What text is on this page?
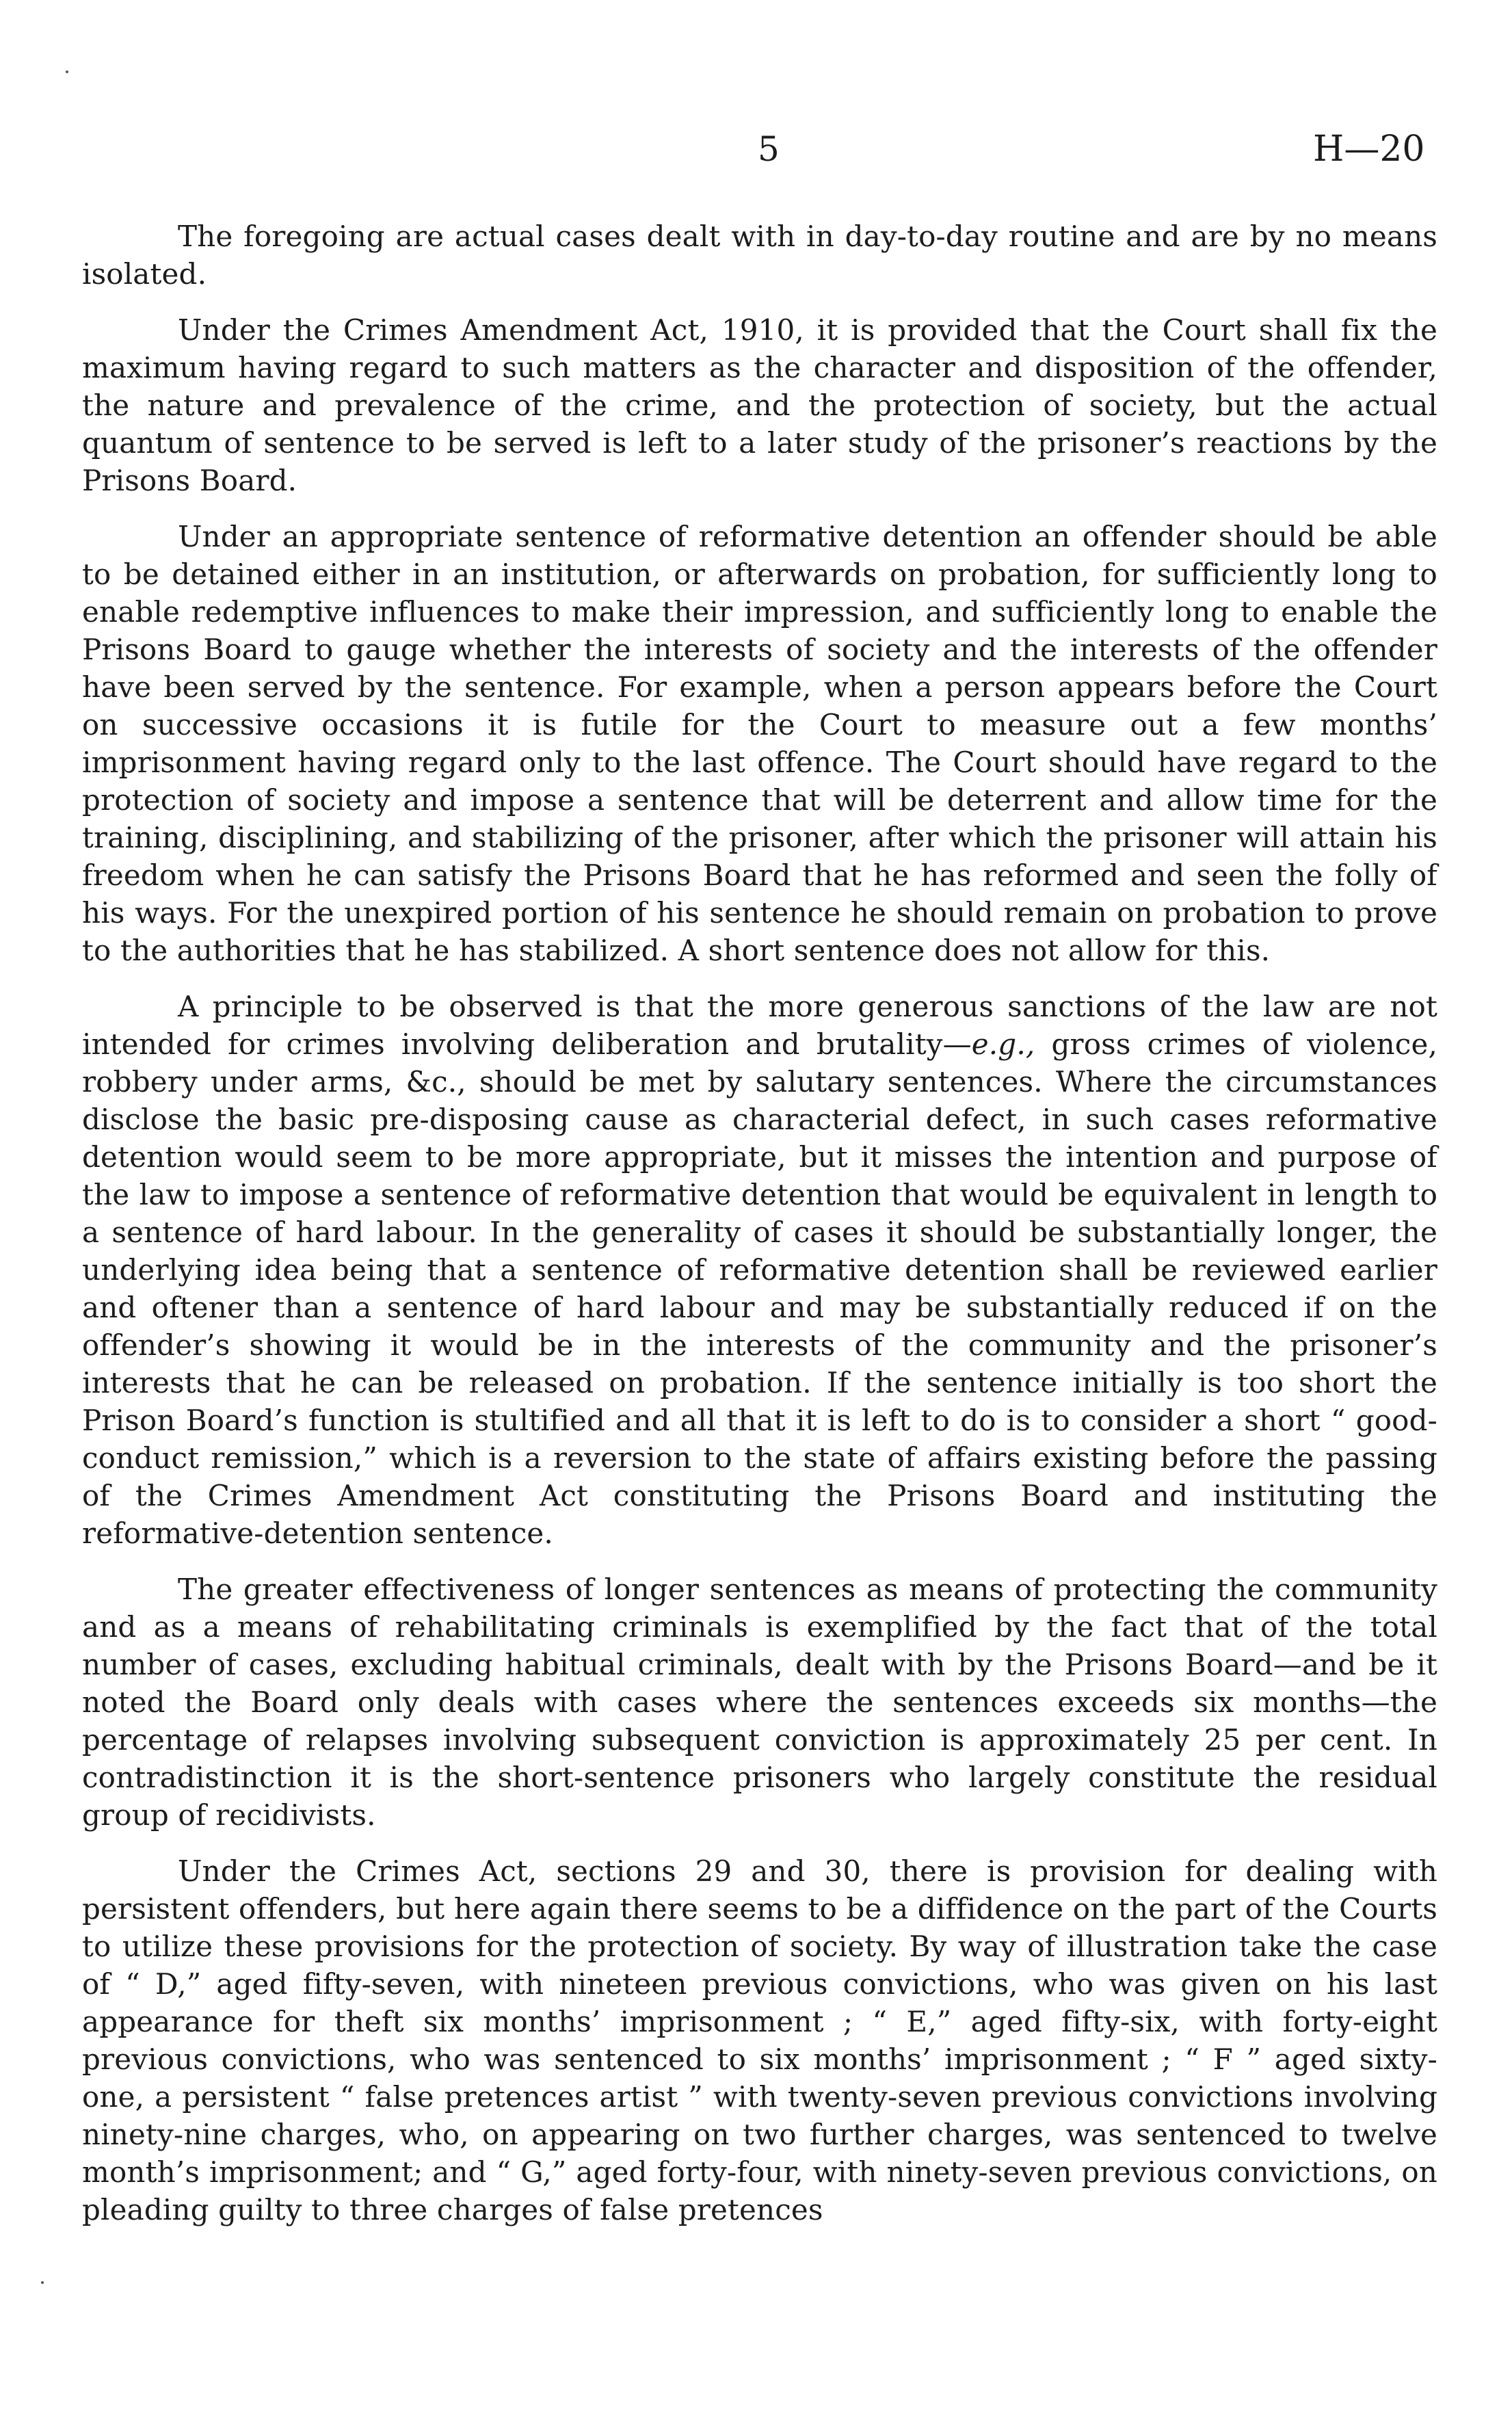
5	H—20

The foregoing are actual cases dealt with in day-to-day routine and are by no means isolated.

Under the Crimes Amendment Act, 1910, it is provided that the Court shall fix the maximum having regard to such matters as the character and disposition of the offender, the nature and prevalence of the crime, and the protection of society, but the actual quantum of sentence to be served is left to a later study of the prisoner’s reactions by the Prisons Board.

Under an appropriate sentence of reformative detention an offender should be able to be detained either in an institution, or afterwards on probation, for sufficiently long to enable redemptive influences to make their impression, and sufficiently long to enable the Prisons Board to gauge whether the interests of society and the interests of the offender have been served by the sentence. For example, when a person appears before the Court on successive occasions it is futile for the Court to measure out a few months’ imprisonment having regard only to the last offence. The Court should have regard to the protection of society and impose a sentence that will be deterrent and allow time for the training, disciplining, and stabilizing of the prisoner, after which the prisoner will attain his freedom when he can satisfy the Prisons Board that he has reformed and seen the folly of his ways. For the unexpired portion of his sentence he should remain on probation to prove to the authorities that he has stabilized. A short sentence does not allow for this.

A principle to be observed is that the more generous sanctions of the law are not intended for crimes involving deliberation and brutality—e.g., gross crimes of violence, robbery under arms, &c., should be met by salutary sentences. Where the circumstances disclose the basic pre-disposing cause as characterial defect, in such cases reformative detention would seem to be more appropriate, but it misses the intention and purpose of the law to impose a sentence of reformative detention that would be equivalent in length to a sentence of hard labour. In the generality of cases it should be substantially longer, the underlying idea being that a sentence of reformative detention shall be reviewed earlier and oftener than a sentence of hard labour and may be substantially reduced if on the offender’s showing it would be in the interests of the community and the prisoner’s interests that he can be released on probation. If the sentence initially is too short the Prison Board’s function is stultified and all that it is left to do is to consider a short “ good-conduct remission,” which is a reversion to the state of affairs existing before the passing of the Crimes Amendment Act constituting the Prisons Board and instituting the reformative-detention sentence.

The greater effectiveness of longer sentences as means of protecting the community and as a means of rehabilitating criminals is exemplified by the fact that of the total number of cases, excluding habitual criminals, dealt with by the Prisons Board—and be it noted the Board only deals with cases where the sentences exceeds six months—the percentage of relapses involving subsequent conviction is approximately 25 per cent. In contradistinction it is the short-sentence prisoners who largely constitute the residual group of recidivists.

Under the Crimes Act, sections 29 and 30, there is provision for dealing with persistent offenders, but here again there seems to be a diffidence on the part of the Courts to utilize these provisions for the protection of society. By way of illustration take the case of “ D,” aged fifty-seven, with nineteen previous convictions, who was given on his last appearance for theft six months’ imprisonment ; “ E,” aged fifty-six, with forty-eight previous convictions, who was sentenced to six months’ imprisonment ; “ F ” aged sixty-one, a persistent “ false pretences artist ” with twenty-seven previous convictions involving ninety-nine charges, who, on appearing on two further charges, was sentenced to twelve month’s imprisonment; and “ G,” aged forty-four, with ninety-seven previous convictions, on pleading guilty to three charges of false pretences
